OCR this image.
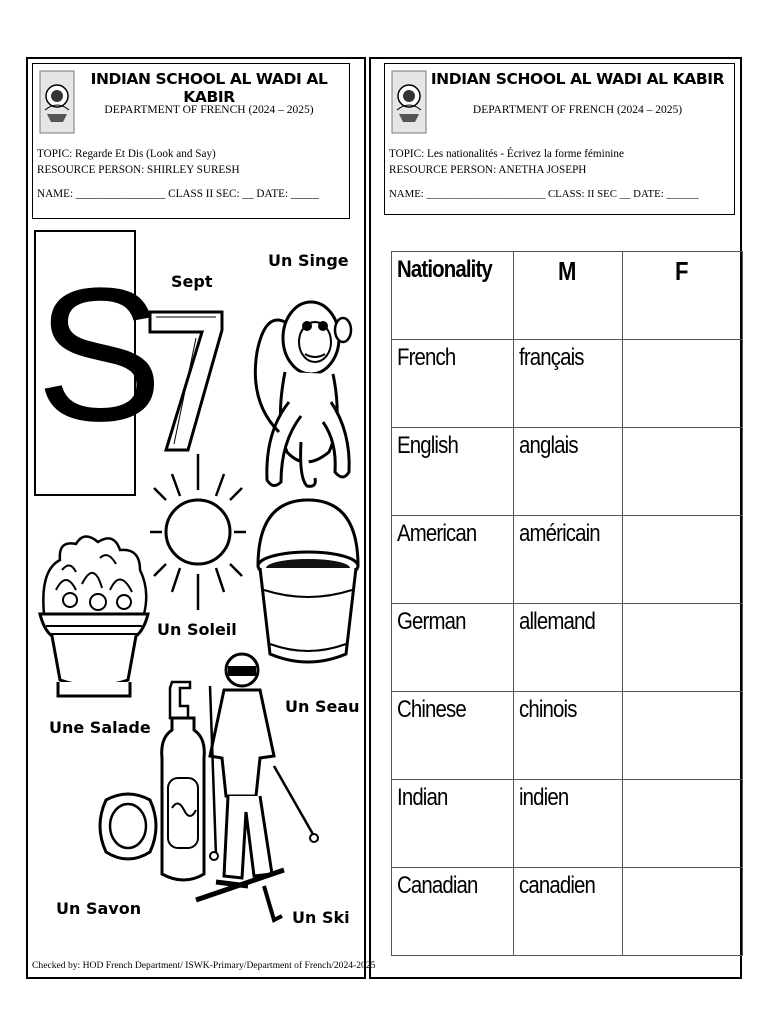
INDIAN SCHOOL AL WADI AL KABIR
DEPARTMENT OF FRENCH (2024 – 2025)
TOPIC: Regarde Et Dis (Look and Say)
RESOURCE PERSON: SHIRLEY SURESH
NAME: ________________ CLASS II SEC: __ DATE: _____
INDIAN SCHOOL AL WADI AL KABIR
DEPARTMENT OF FRENCH (2024 – 2025)
TOPIC: Les nationalités - Écrivez la forme féminine
RESOURCE PERSON: ANETHA JOSEPH
NAME: ______________________ CLASS: II SEC __ DATE: ______
S Sept
Un Singe
Un Soleil
Un Seau
Une Salade
Un Savon	Un Ski
Checked by: HOD French Department/ ISWK-Primary/Department of French/2024-2025
Nationality	M	F
French	français	
English	anglais	
American	américain	
German	allemand	
Chinese	chinois	
Indian	indien	
Canadian	canadien	
